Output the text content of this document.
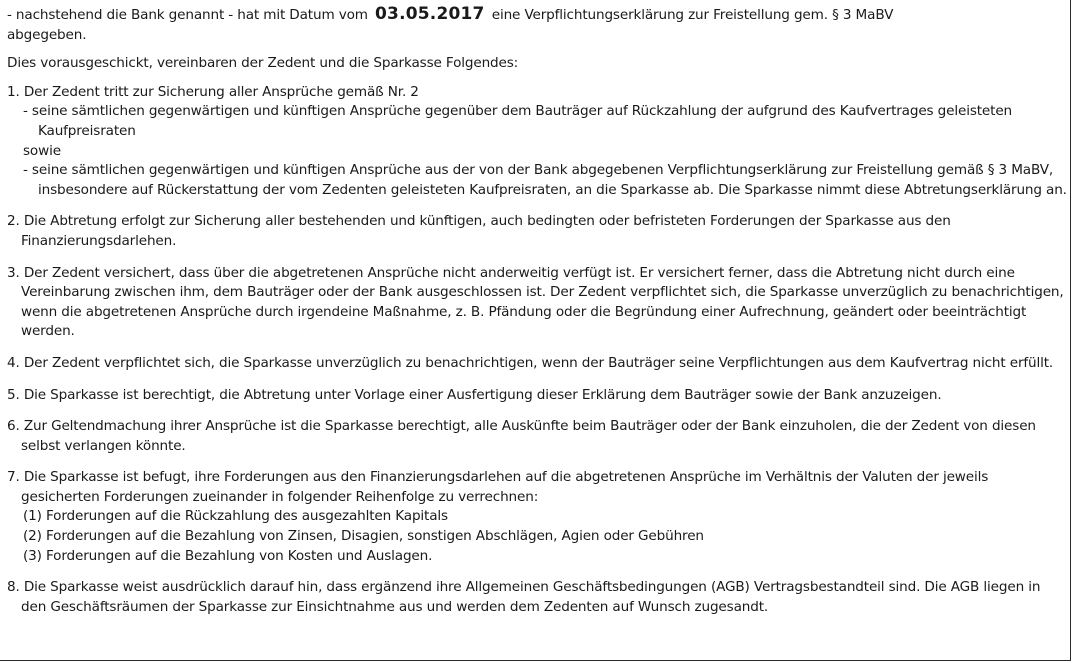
- nachstehend die Bank genannt - hat mit Datum vom 03.05.2017 eine Verpflichtungserklärung zur Freistellung gem. § 3 MaBV
abgegeben.

Dies vorausgeschickt, vereinbaren der Zedent und die Sparkasse Folgendes:

1. Der Zedent tritt zur Sicherung aller Ansprüche gemäß Nr. 2

- seine sämtlichen gegenwärtigen und künftigen Ansprüche gegenüber dem Bauträger auf Rückzahlung der aufgrund des Kaufvertrages geleisteten Kaufpreisraten

sowie

- seine sämtlichen gegenwärtigen und künftigen Ansprüche aus der von der Bank abgegebenen Verpflichtungserklärung zur Freistellung gemäß § 3 MaBV, insbesondere auf Rückerstattung der vom Zedenten geleisteten Kaufpreisraten, an die Sparkasse ab. Die Sparkasse nimmt diese Abtretungserklärung an.

2. Die Abtretung erfolgt zur Sicherung aller bestehenden und künftigen, auch bedingten oder befristeten Forderungen der Sparkasse aus den Finanzierungsdarlehen.

3. Der Zedent versichert, dass über die abgetretenen Ansprüche nicht anderweitig verfügt ist. Er versichert ferner, dass die Abtretung nicht durch eine Vereinbarung zwischen ihm, dem Bauträger oder der Bank ausgeschlossen ist. Der Zedent verpflichtet sich, die Sparkasse unverzüglich zu benachrichtigen, wenn die abgetretenen Ansprüche durch irgendeine Maßnahme, z. B. Pfändung oder die Begründung einer Aufrechnung, geändert oder beeinträchtigt werden.

4. Der Zedent verpflichtet sich, die Sparkasse unverzüglich zu benachrichtigen, wenn der Bauträger seine Verpflichtungen aus dem Kaufvertrag nicht erfüllt.

5. Die Sparkasse ist berechtigt, die Abtretung unter Vorlage einer Ausfertigung dieser Erklärung dem Bauträger sowie der Bank anzuzeigen.

6. Zur Geltendmachung ihrer Ansprüche ist die Sparkasse berechtigt, alle Auskünfte beim Bauträger oder der Bank einzuholen, die der Zedent von diesen selbst verlangen könnte.

7. Die Sparkasse ist befugt, ihre Forderungen aus den Finanzierungsdarlehen auf die abgetretenen Ansprüche im Verhältnis der Valuten der jeweils gesicherten Forderungen zueinander in folgender Reihenfolge zu verrechnen:

(1) Forderungen auf die Rückzahlung des ausgezahlten Kapitals

(2) Forderungen auf die Bezahlung von Zinsen, Disagien, sonstigen Abschlägen, Agien oder Gebühren

(3) Forderungen auf die Bezahlung von Kosten und Auslagen.

8. Die Sparkasse weist ausdrücklich darauf hin, dass ergänzend ihre Allgemeinen Geschäftsbedingungen (AGB) Vertragsbestandteil sind. Die AGB liegen in den Geschäftsräumen der Sparkasse zur Einsichtnahme aus und werden dem Zedenten auf Wunsch zugesandt.
